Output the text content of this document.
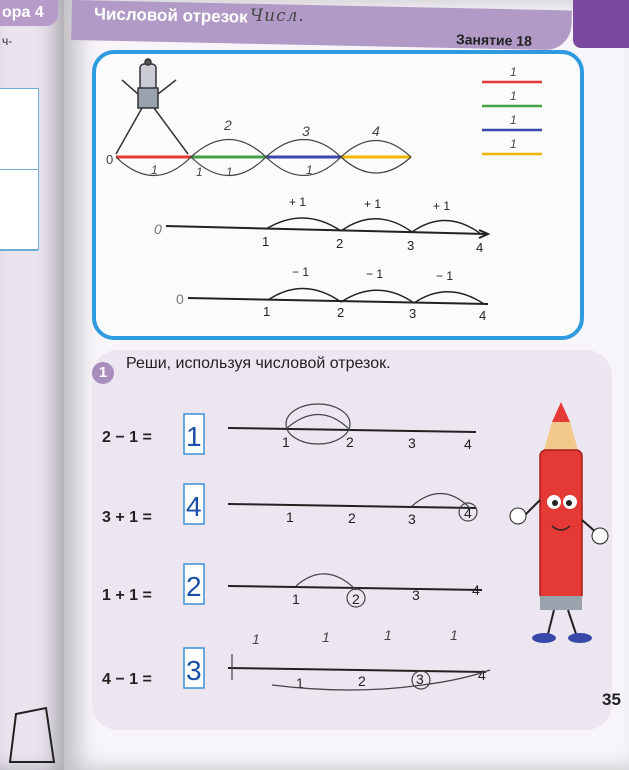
ора 4
ч-
Числовой отрезок Числ.
Занятие 18
0
2	3	4
1	1 1	1
1
1
1
1
0
+ 1	+ 1	+ 1
1	2	3	4
0
− 1	− 1	− 1
1	2	3	4
2 − 1 = 1	1	2	3	4
3 + 1 = 4	1	2	3	4
1 + 1 = 2	1	2	3	4
4 − 1 = 3	1	2	3	4
1	1	1	1
1
Реши, используя числовой отрезок.
35
